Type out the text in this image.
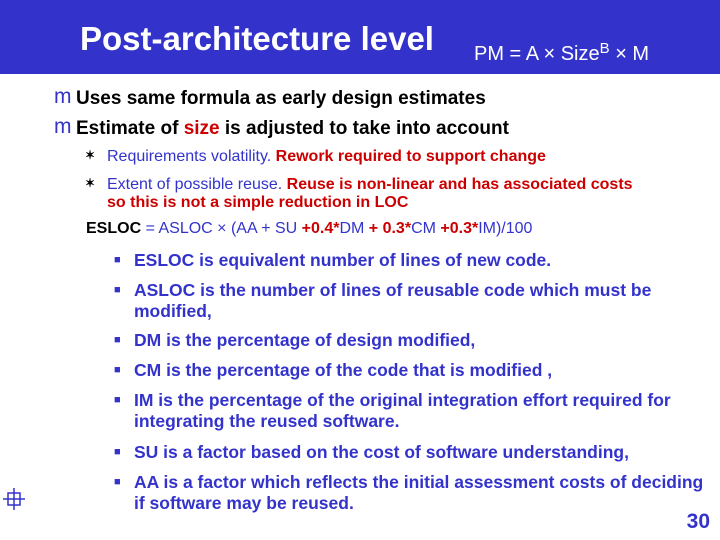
Post-architecture level PM = A × Size$^B$ × M
m Uses same formula as early design estimates
m Estimate of size is adjusted to take into account
✶ Requirements volatility. Rework required to support change
✶ Extent of possible reuse. Reuse is non-linear and has associated costs
so this is not a simple reduction in LOC
ESLOC = ASLOC × (AA + SU +0.4*DM + 0.3*CM +0.3*IM)/100
■ ESLOC is equivalent number of lines of new code.
■ ASLOC is the number of lines of reusable code which must be modified,
■ DM is the percentage of design modified,
■ CM is the percentage of the code that is modified ,
■ IM is the percentage of the original integration effort required for integrating the reused software.
■ SU is a factor based on the cost of software understanding,
■ AA is a factor which reflects the initial assessment costs of deciding if software may be reused.
30
